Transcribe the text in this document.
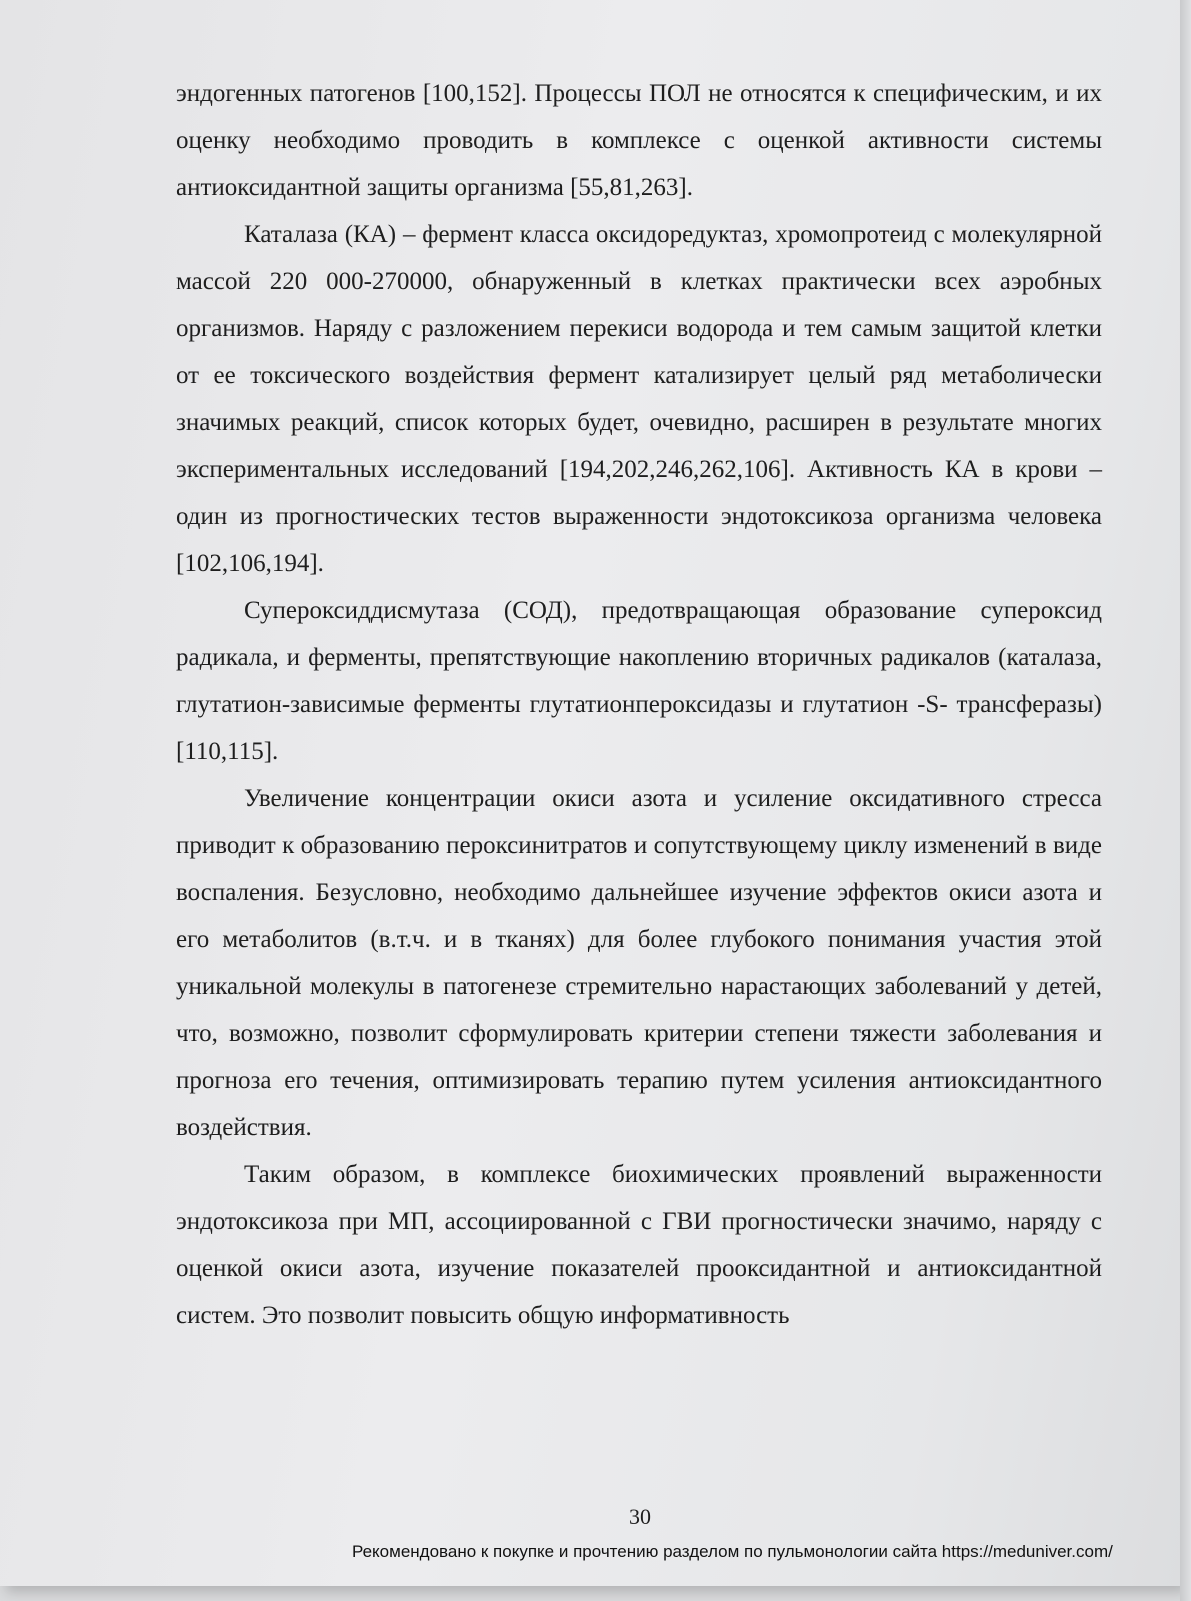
эндогенных патогенов [100,152]. Процессы ПОЛ не относятся к специфическим, и их оценку необходимо проводить в комплексе с оценкой активности системы антиоксидантной защиты организма [55,81,263].

Каталаза (КА) – фермент класса оксидоредуктаз, хромопротеид с молекулярной массой 220 000-270000, обнаруженный в клетках практически всех аэробных организмов. Наряду с разложением перекиси водорода и тем самым защитой клетки от ее токсического воздействия фермент катализирует целый ряд метаболически значимых реакций, список которых будет, очевидно, расширен в результате многих экспериментальных исследований [194,202,246,262,106]. Активность КА в крови – один из прогностических тестов выраженности эндотоксикоза организма человека [102,106,194].

Супероксиддисмутаза (СОД), предотвращающая образование супероксид радикала, и ферменты, препятствующие накоплению вторичных радикалов (каталаза, глутатион-зависимые ферменты глутатионпероксидазы и глутатион -S- трансферазы) [110,115].

Увеличение концентрации окиси азота и усиление оксидативного стресса приводит к образованию пероксинитратов и сопутствующему циклу изменений в виде воспаления. Безусловно, необходимо дальнейшее изучение эффектов окиси азота и его метаболитов (в.т.ч. и в тканях) для более глубокого понимания участия этой уникальной молекулы в патогенезе стремительно нарастающих заболеваний у детей, что, возможно, позволит сформулировать критерии степени тяжести заболевания и прогноза его течения, оптимизировать терапию путем усиления антиоксидантного воздействия.

Таким образом, в комплексе биохимических проявлений выраженности эндотоксикоза при МП, ассоциированной с ГВИ прогностически значимо, наряду с оценкой окиси азота, изучение показателей прооксидантной и антиоксидантной систем. Это позволит повысить общую информативность

30
Рекомендовано к покупке и прочтению разделом по пульмонологии сайта https://meduniver.com/
